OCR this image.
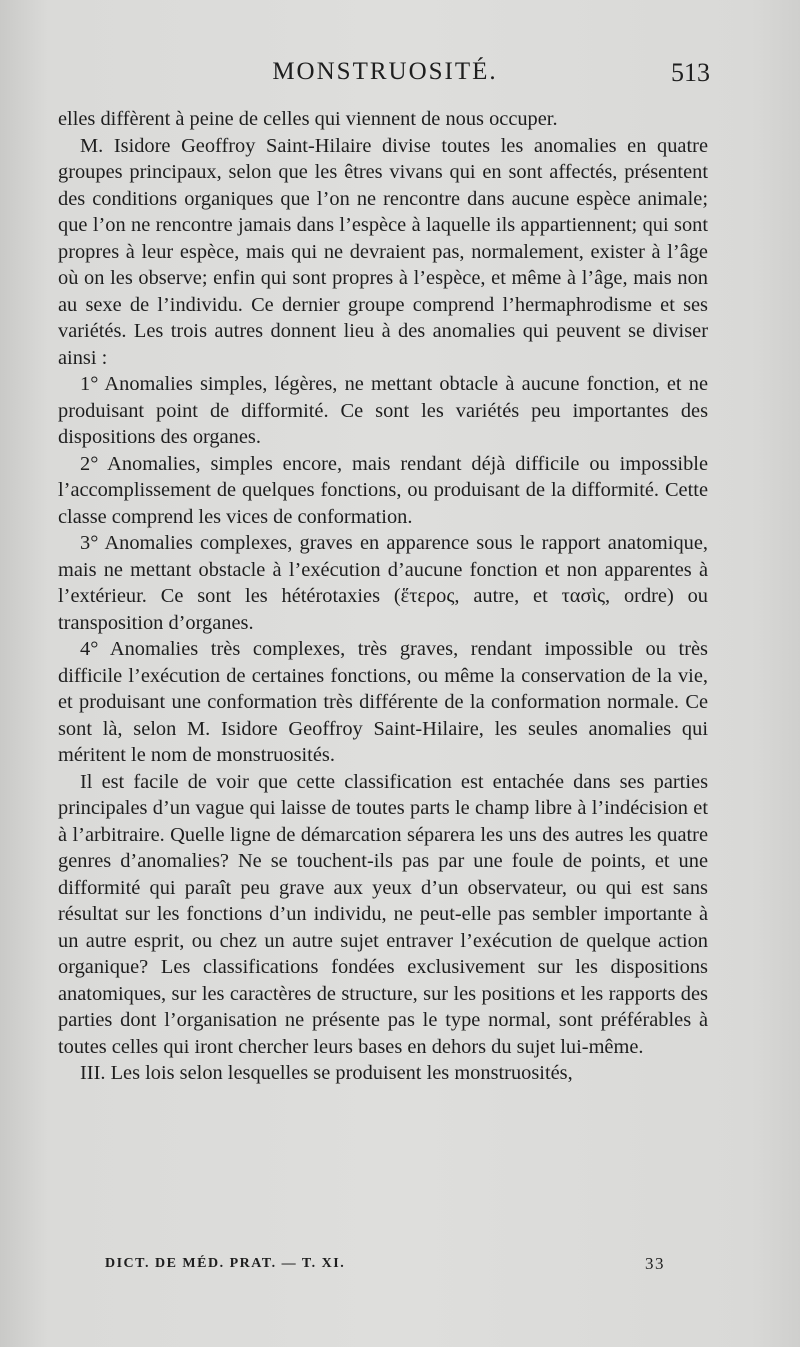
MONSTRUOSITÉ.	513

elles diffèrent à peine de celles qui viennent de nous occuper.

M. Isidore Geoffroy Saint-Hilaire divise toutes les anomalies en quatre groupes principaux, selon que les êtres vivans qui en sont affectés, présentent des conditions organiques que l’on ne rencontre dans aucune espèce animale; que l’on ne rencontre jamais dans l’espèce à laquelle ils appartiennent; qui sont propres à leur espèce, mais qui ne devraient pas, normalement, exister à l’âge où on les observe; enfin qui sont propres à l’espèce, et même à l’âge, mais non au sexe de l’individu. Ce dernier groupe comprend l’hermaphrodisme et ses variétés. Les trois autres donnent lieu à des anomalies qui peuvent se diviser ainsi :

1° Anomalies simples, légères, ne mettant obtacle à aucune fonction, et ne produisant point de difformité. Ce sont les variétés peu importantes des dispositions des organes.

2° Anomalies, simples encore, mais rendant déjà difficile ou impossible l’accomplissement de quelques fonctions, ou produisant de la difformité. Cette classe comprend les vices de conformation.

3° Anomalies complexes, graves en apparence sous le rapport anatomique, mais ne mettant obstacle à l’exécution d’aucune fonction et non apparentes à l’extérieur. Ce sont les hétérotaxies (ἕτερος, autre, et τασὶς, ordre) ou transposition d’organes.

4° Anomalies très complexes, très graves, rendant impossible ou très difficile l’exécution de certaines fonctions, ou même la conservation de la vie, et produisant une conformation très différente de la conformation normale. Ce sont là, selon M. Isidore Geoffroy Saint-Hilaire, les seules anomalies qui méritent le nom de monstruosités.

Il est facile de voir que cette classification est entachée dans ses parties principales d’un vague qui laisse de toutes parts le champ libre à l’indécision et à l’arbitraire. Quelle ligne de démarcation séparera les uns des autres les quatre genres d’anomalies? Ne se touchent-ils pas par une foule de points, et une difformité qui paraît peu grave aux yeux d’un observateur, ou qui est sans résultat sur les fonctions d’un individu, ne peut-elle pas sembler importante à un autre esprit, ou chez un autre sujet entraver l’exécution de quelque action organique? Les classifications fondées exclusivement sur les dispositions anatomiques, sur les caractères de structure, sur les positions et les rapports des parties dont l’organisation ne présente pas le type normal, sont préférables à toutes celles qui iront chercher leurs bases en dehors du sujet lui-même.

III. Les lois selon lesquelles se produisent les monstruosités,

DICT. DE MÉD. PRAT. — T. XI.	33
